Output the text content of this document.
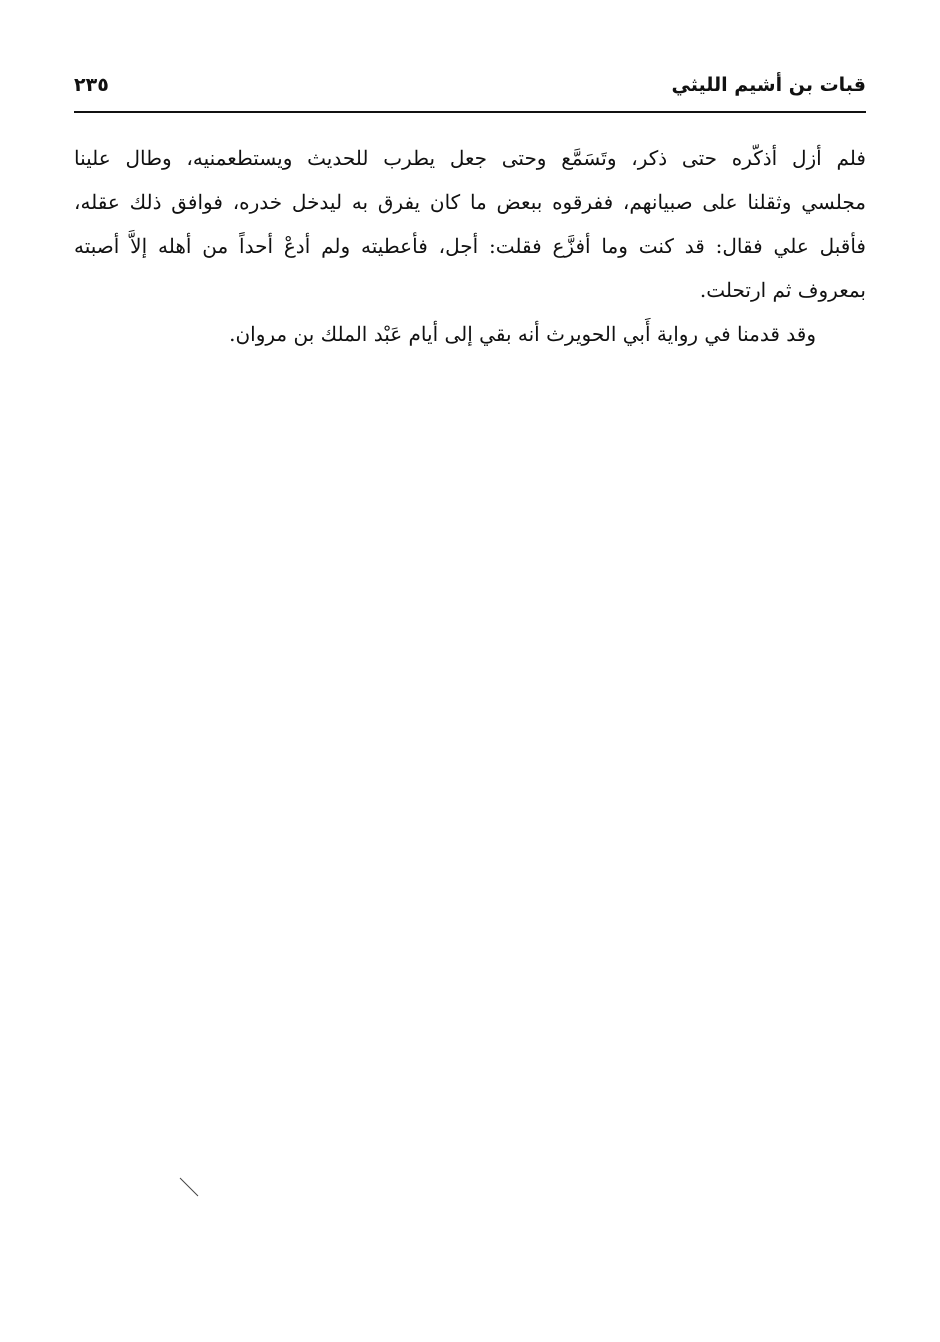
قبات بن أشيم الليثي
٢٣٥
فلم أزل أذكّره حتى ذكر، وتَسَمَّع وحتى جعل يطرب للحديث ويستطعمنيه، وطال علينا
مجلسي وثقلنا على صبيانهم، ففرقوه ببعض ما كان يفرق به ليدخل خدره، فوافق ذلك عقله،
فأقبل علي فقال: قد كنت وما أفزَّع فقلت: أجل، فأعطيته ولم أدعْ أحداً من أهله إلاَّ أصبته
بمعروف ثم ارتحلت.
وقد قدمنا في رواية أَبي الحويرث أنه بقي إلى أيام عَبْد الملك بن مروان.
